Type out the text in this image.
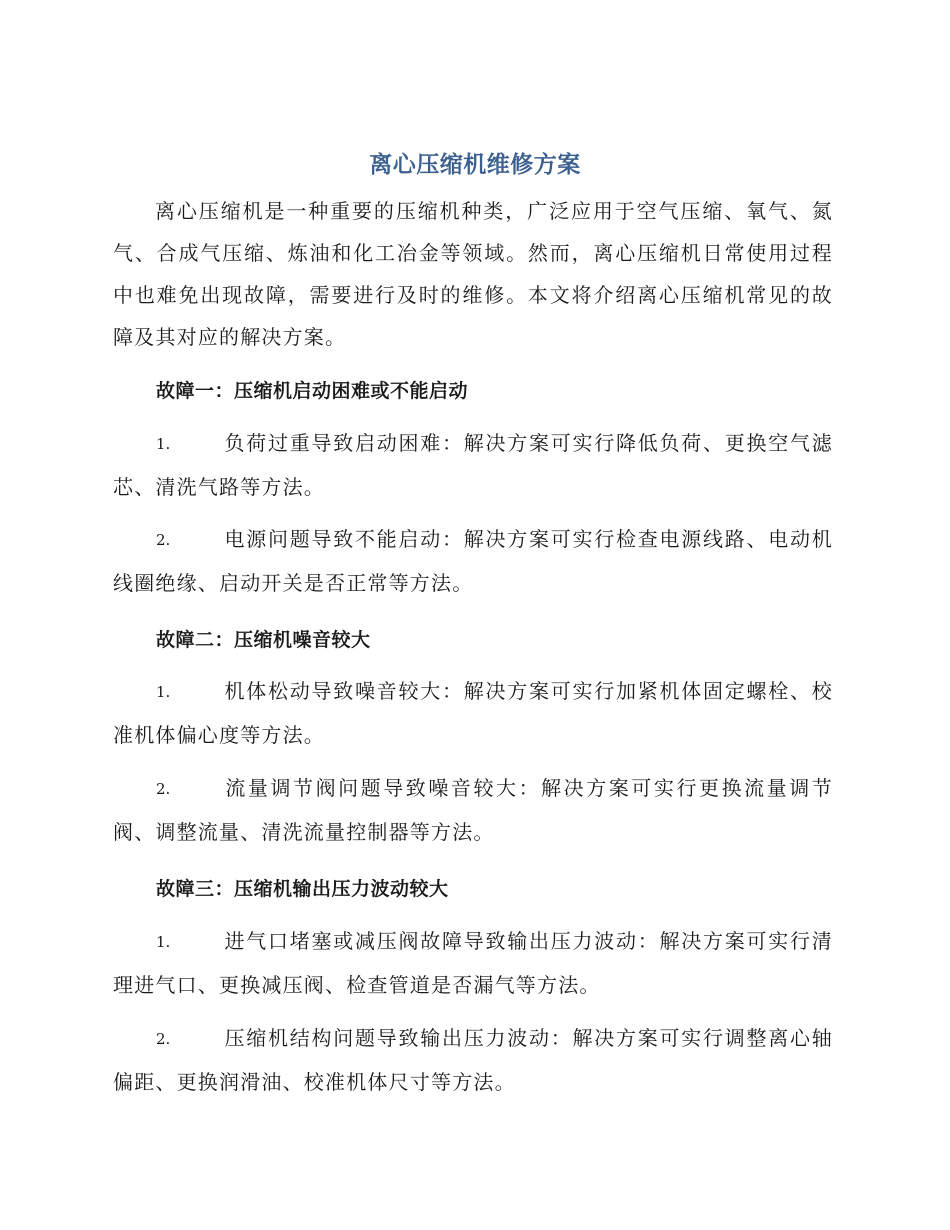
离心压缩机维修方案
离心压缩机是一种重要的压缩机种类，广泛应用于空气压缩、氧气、氮气、合成气压缩、炼油和化工冶金等领域。然而，离心压缩机日常使用过程中也难免出现故障，需要进行及时的维修。本文将介绍离心压缩机常见的故障及其对应的解决方案。
故障一：压缩机启动困难或不能启动
1.	负荷过重导致启动困难：解决方案可实行降低负荷、更换空气滤芯、清洗气路等方法。
2.	电源问题导致不能启动：解决方案可实行检查电源线路、电动机线圈绝缘、启动开关是否正常等方法。
故障二：压缩机噪音较大
1.	机体松动导致噪音较大：解决方案可实行加紧机体固定螺栓、校准机体偏心度等方法。
2.	流量调节阀问题导致噪音较大：解决方案可实行更换流量调节阀、调整流量、清洗流量控制器等方法。
故障三：压缩机输出压力波动较大
1.	进气口堵塞或减压阀故障导致输出压力波动：解决方案可实行清理进气口、更换减压阀、检查管道是否漏气等方法。
2.	压缩机结构问题导致输出压力波动：解决方案可实行调整离心轴偏距、更换润滑油、校准机体尺寸等方法。
